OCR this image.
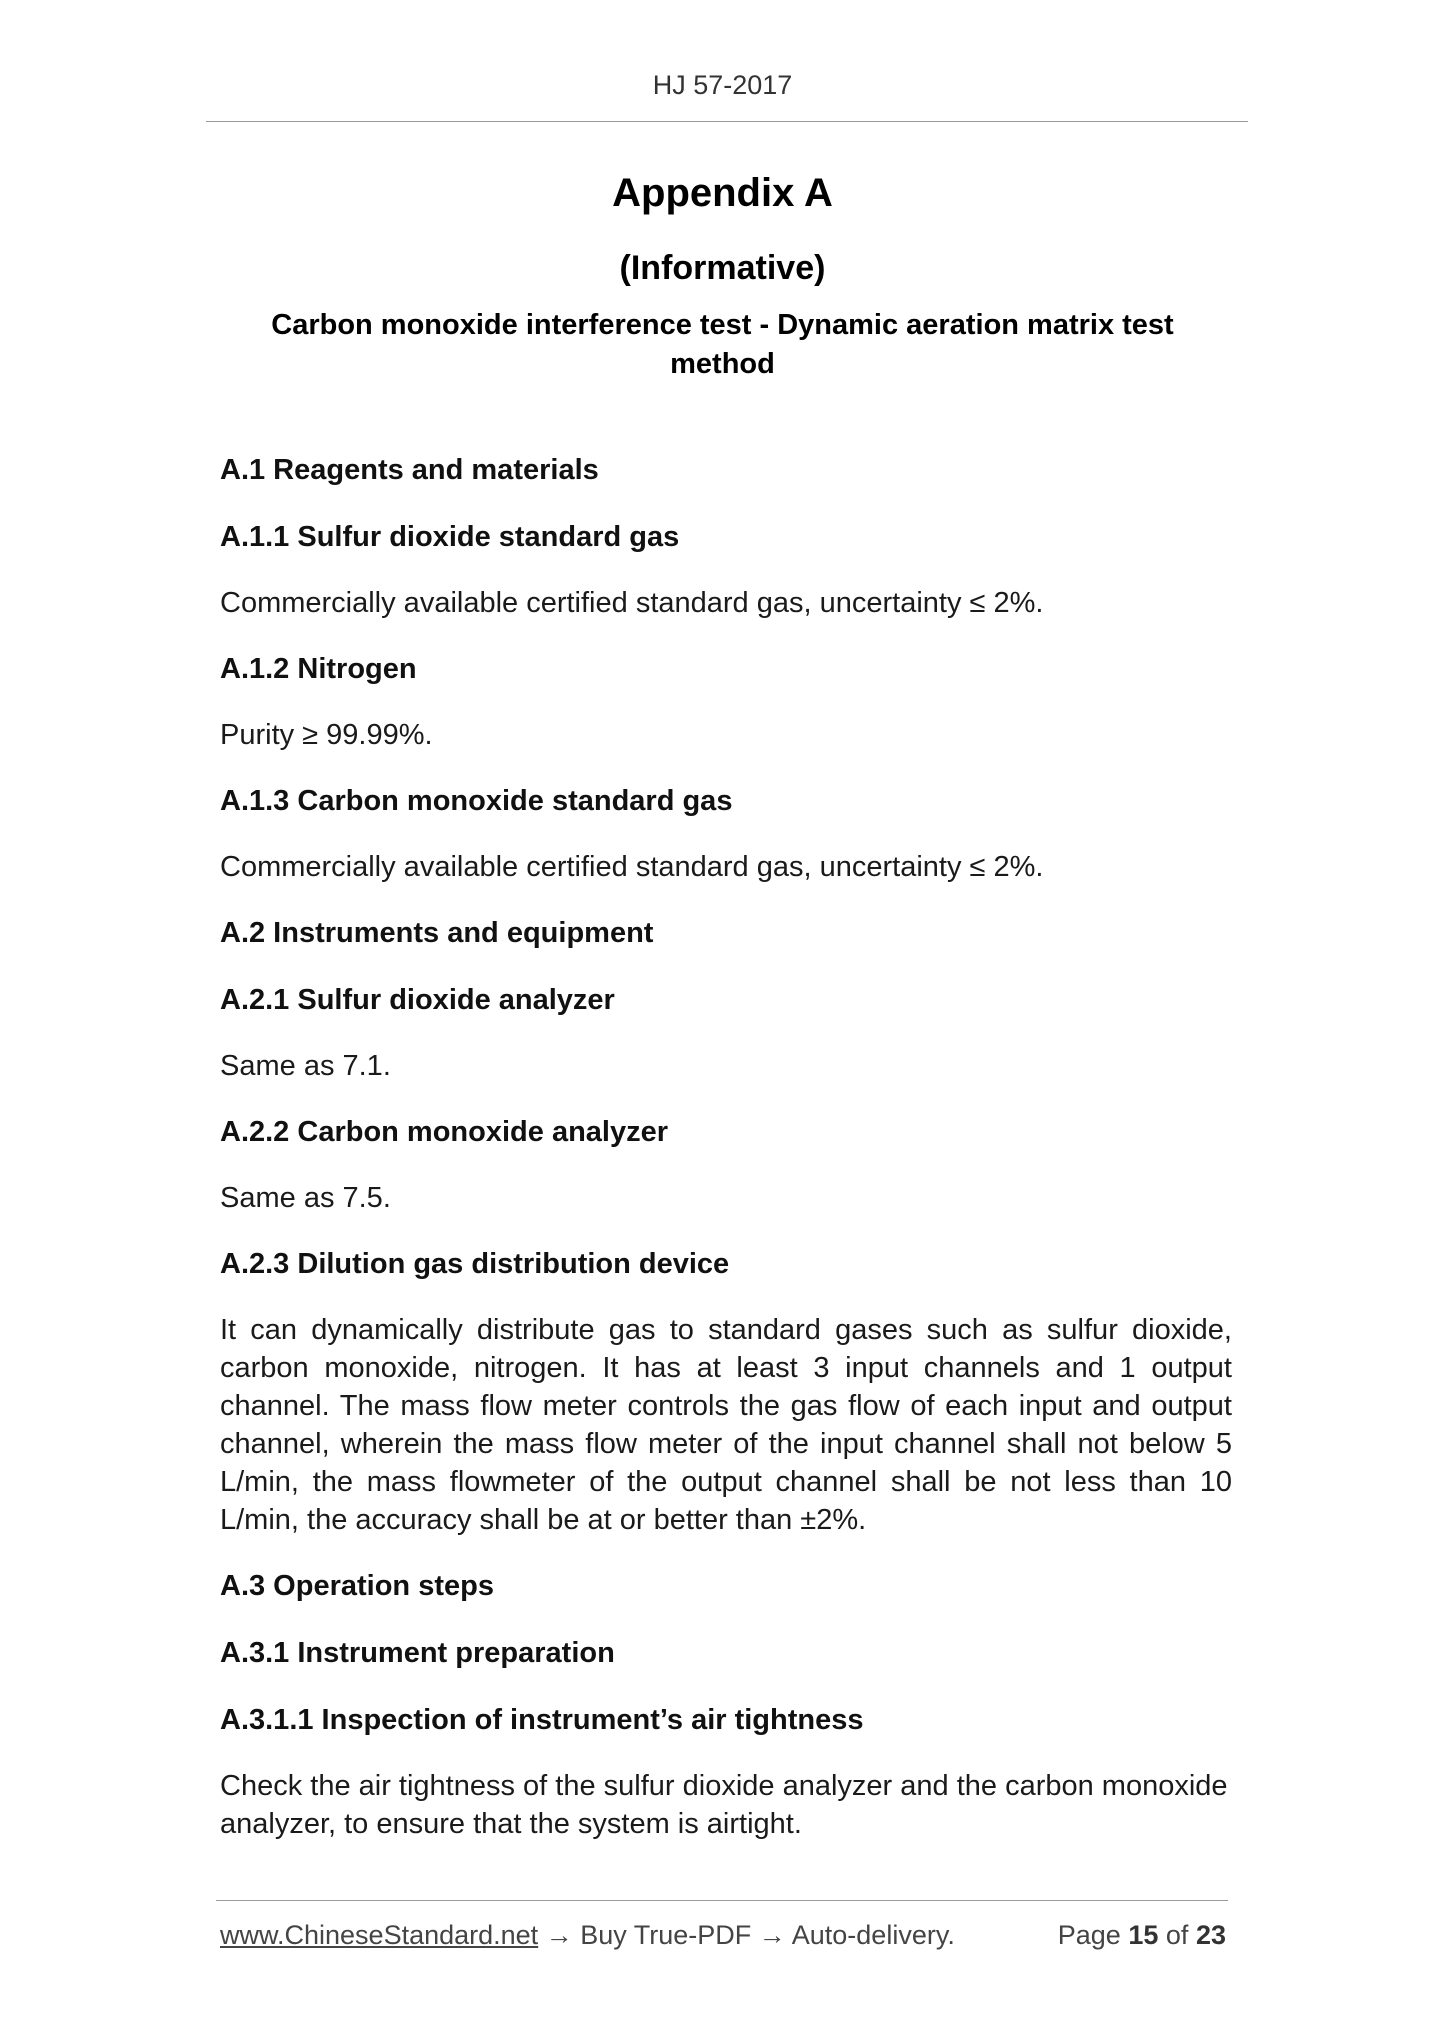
HJ 57-2017
Appendix A
(Informative)
Carbon monoxide interference test - Dynamic aeration matrix test method
A.1 Reagents and materials
A.1.1 Sulfur dioxide standard gas
Commercially available certified standard gas, uncertainty ≤ 2%.
A.1.2 Nitrogen
Purity ≥ 99.99%.
A.1.3 Carbon monoxide standard gas
Commercially available certified standard gas, uncertainty ≤ 2%.
A.2 Instruments and equipment
A.2.1 Sulfur dioxide analyzer
Same as 7.1.
A.2.2 Carbon monoxide analyzer
Same as 7.5.
A.2.3 Dilution gas distribution device
It can dynamically distribute gas to standard gases such as sulfur dioxide, carbon monoxide, nitrogen. It has at least 3 input channels and 1 output channel. The mass flow meter controls the gas flow of each input and output channel, wherein the mass flow meter of the input channel shall not below 5 L/min, the mass flowmeter of the output channel shall be not less than 10 L/min, the accuracy shall be at or better than ±2%.
A.3 Operation steps
A.3.1 Instrument preparation
A.3.1.1 Inspection of instrument’s air tightness
Check the air tightness of the sulfur dioxide analyzer and the carbon monoxide analyzer, to ensure that the system is airtight.
www.ChineseStandard.net → Buy True-PDF → Auto-delivery.	Page 15 of 23
